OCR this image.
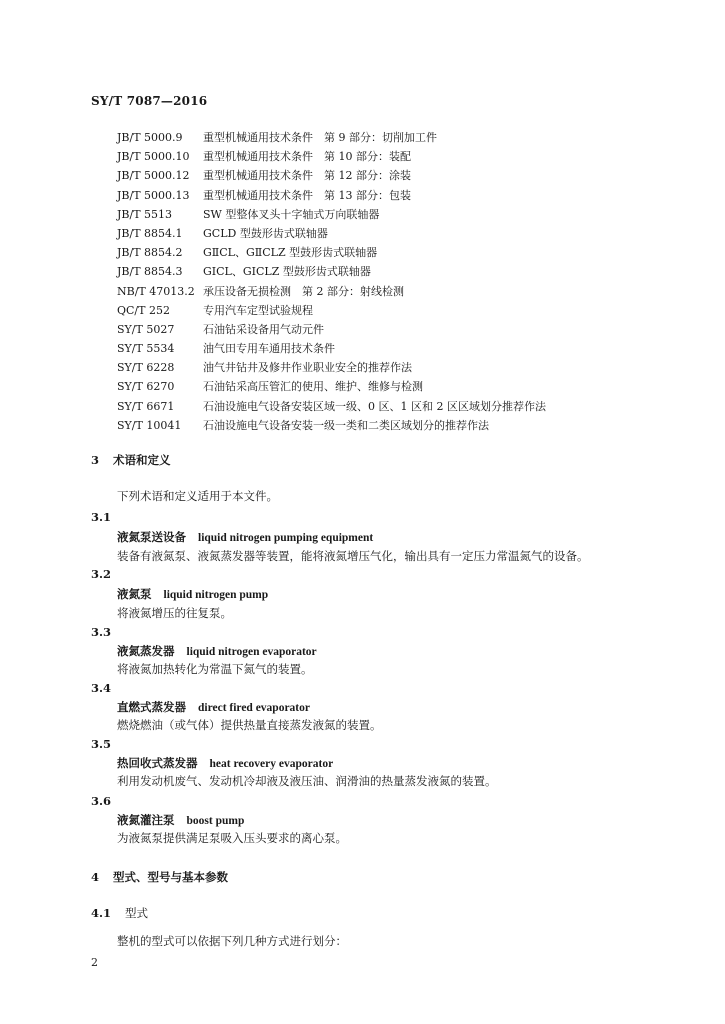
SY/T 7087—2016
JB/T 5000.9 重型机械通用技术条件　第 9 部分：切削加工件
JB/T 5000.10 重型机械通用技术条件　第 10 部分：装配
JB/T 5000.12 重型机械通用技术条件　第 12 部分：涂装
JB/T 5000.13 重型机械通用技术条件　第 13 部分：包装
JB/T 5513	SW 型整体叉头十字轴式万向联轴器
JB/T 8854.1 GCLD 型鼓形齿式联轴器
JB/T 8854.2 GⅡCL、GⅡCLZ 型鼓形齿式联轴器
JB/T 8854.3 GⅠCL、GⅠCLZ 型鼓形齿式联轴器
NB/T 47013.2 承压设备无损检测　第 2 部分：射线检测
QC/T 252	专用汽车定型试验规程
SY/T 5027	石油钻采设备用气动元件
SY/T 5534	油气田专用车通用技术条件
SY/T 6228	油气井钻井及修井作业职业安全的推荐作法
SY/T 6270	石油钻采高压管汇的使用、维护、维修与检测
SY/T 6671	石油设施电气设备安装区域一级、0 区、1 区和 2 区区域划分推荐作法
SY/T 10041 石油设施电气设备安装一级一类和二类区域划分的推荐作法
3 术语和定义
下列术语和定义适用于本文件。
3.1
液氮泵送设备 liquid nitrogen pumping equipment
装备有液氮泵、液氮蒸发器等装置，能将液氮增压气化，输出具有一定压力常温氮气的设备。
3.2
液氮泵 liquid nitrogen pump
将液氮增压的往复泵。
3.3
液氮蒸发器 liquid nitrogen evaporator
将液氮加热转化为常温下氮气的装置。
3.4
直燃式蒸发器 direct fired evaporator
燃烧燃油（或气体）提供热量直接蒸发液氮的装置。
3.5
热回收式蒸发器 heat recovery evaporator
利用发动机废气、发动机冷却液及液压油、润滑油的热量蒸发液氮的装置。
3.6
液氮灌注泵 boost pump
为液氮泵提供满足泵吸入压头要求的离心泵。
4 型式、型号与基本参数
4.1 型式
整机的型式可以依据下列几种方式进行划分：
2
